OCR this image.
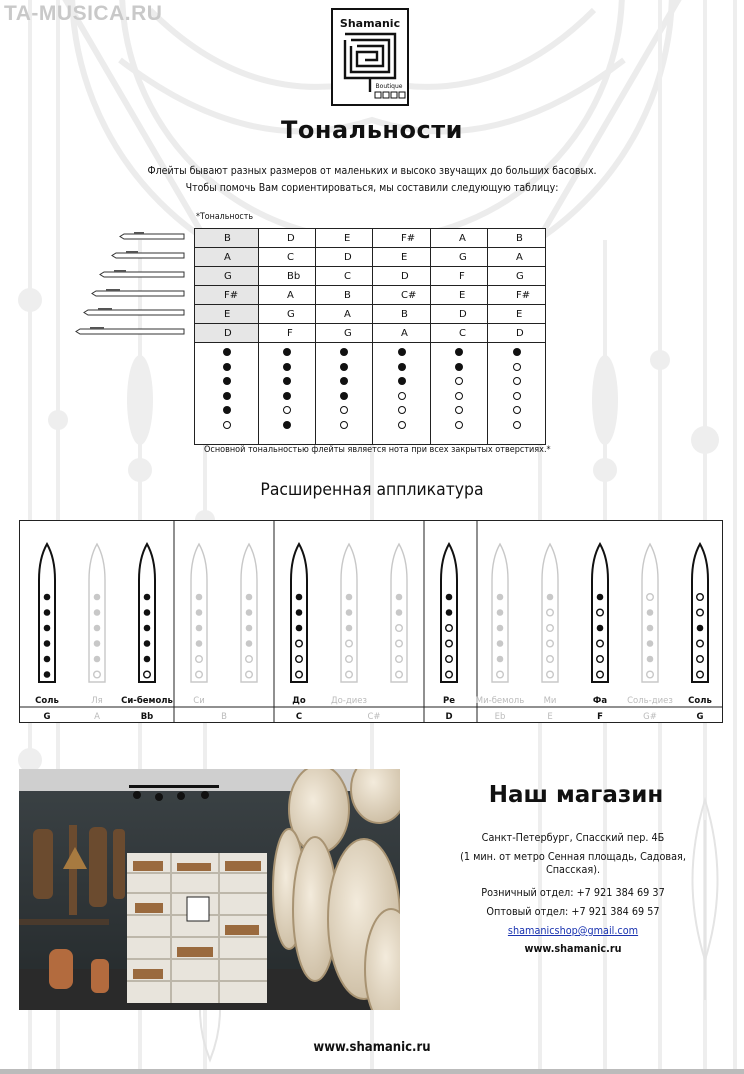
TA-MUSICA.RU	Shamanic
Boutique
Тональности
Флейты бывают разных размеров от маленьких и высоко звучащих до больших басовых.
Чтобы помочь Вам сориентироваться, мы составили следующую таблицу:
*Тональность
B	D	E	F#	A	B
A	C	D	E	G	A
G	Bb	C	D	F	G
F#	A	B	C#	E	F#
E	G	A	B	D	E
D	F	G	A	C	D

Основной тональностью флейты является нота при всех закрытых отверстиях.*
Расширенная аппликатура
Соль
G
Ля
A
Си-бемоль
Bb
Си
B
До
C
До-диез
C#
Ре
D
Ми-бемоль
Eb
Ми
E
Фа
F
Соль-диез
G#
Соль
G
Наш магазин
Санкт-Петербург, Спасский пер. 4Б
(1 мин. от метро Сенная площадь, Садовая, Спасская).
Розничный отдел: +7 921 384 69 37
Оптовый отдел: +7 921 384 69 57
shamanicshop@gmail.com
www.shamanic.ru
www.shamanic.ru
